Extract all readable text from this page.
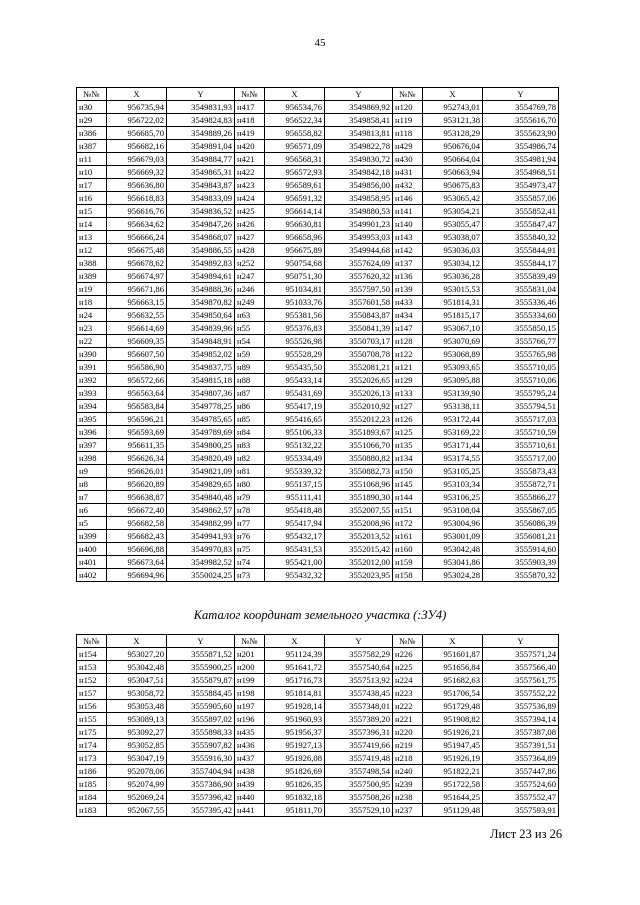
45
№№	X	Y	№№	X	Y	№№	X	Y
н30	956735,94	3549831,93	н417	956534,76	3549869,92	н120	952743,01	3554769,78
н29	956722,02	3549824,83	н418	956522,34	3549858,41	н119	953121,38	3555616,70
н386	956685,70	3549889,26	н419	956558,82	3549813,81	н118	953128,29	3555623,90
н387	956682,16	3549891,04	н420	956571,09	3549822,78	н429	950676,04	3554986,74
н11	956679,03	3549884,77	н421	956568,31	3549830,72	н430	950664,04	3554981,94
н10	956669,32	3549865,31	н422	956572,93	3549842,18	н431	950663,94	3554968,51
н17	956636,80	3549843,87	н423	956589,61	3549856,00	н432	950675,83	3554973,47
н16	956618,83	3549833,09	н424	956591,32	3549858,95	н146	953065,42	3555857,06
н15	956616,76	3549836,52	н425	956614,14	3549880,53	н141	953054,21	3555852,41
н14	956634,62	3549847,26	н426	956630,81	3549901,23	н140	953055,47	3555847,47
н13	956666,24	3549868,07	н427	956658,96	3549953,03	н143	953038,07	3555840,32
н12	956675,48	3549886,55	н428	956675,89	3549944,68	н142	953036,03	3555844,91
н388	956678,62	3549892,83	н252	950754,68	3557624,09	н137	953034,12	3555844,17
н389	956674,97	3549894,61	н247	950751,30	3557620,32	н136	953036,28	3555839,49
н19	956671,86	3549888,36	н246	951034,81	3557597,50	н139	953015,53	3555831,04
н18	956663,15	3549870,82	н249	951033,76	3557601,58	н433	951814,31	3555336,46
н24	956632,55	3549850,64	н63	955381,56	3550843,87	н434	951815,17	3555334,60
н23	956614,69	3549839,96	н55	955376,83	3550841,39	н147	953067,10	3555850,15
н22	956609,35	3549848,91	н54	955526,98	3550703,17	н128	953070,69	3555766,77
н390	956607,50	3549852,02	н59	955528,29	3550708,78	н122	953068,89	3555765,98
н391	956586,90	3549837,75	н89	955435,50	3552081,21	н121	953093,65	3555710,05
н392	956572,66	3549815,18	н88	955433,14	3552026,65	н129	953095,88	3555710,06
н393	956563,64	3549807,36	н87	955431,69	3552026,13	н133	953139,90	3555795,24
н394	956583,84	3549778,25	н86	955417,19	3552010,92	н127	953138,11	3555794,51
н395	956596,21	3549785,65	н85	955416,65	3552012,23	н126	953172,44	3555717,03
н396	956593,69	3549789,69	н84	955106,33	3551893,67	н125	953169,22	3555710,59
н397	956611,35	3549800,25	н83	955132,22	3551066,70	н135	953171,44	3555710,61
н398	956626,34	3549820,49	н82	955334,49	3550880,82	н134	953174,55	3555717,00
н9	956626,01	3549821,09	н81	955339,32	3550882,73	н150	953105,25	3555873,43
н8	956620,89	3549829,65	н80	955137,15	3551068,96	н145	953103,34	3555872,71
н7	956638,87	3549840,48	н79	955111,41	3551890,30	н144	953106,25	3555866,27
н6	956672,40	3549862,57	н78	955418,48	3552007,55	н151	953108,04	3555867,05
н5	956682,58	3549882,99	н77	955417,94	3552008,96	н172	953004,96	3556086,39
н399	956682,43	3549941,93	н76	955432,17	3552013,52	н161	953001,09	3556081,21
н400	956696,88	3549970,83	н75	955431,53	3552015,42	н160	953042,48	3555914,60
н401	956673,64	3549982,52	н74	955421,00	3552012,00	н159	953041,86	3555903,39
н402	956694,96	3550024,25	н73	955432,32	3552023,95	н158	953024,28	3555870,32
Каталог координат земельного участка (:ЗУ4)
№№	X	Y	№№	X	Y	№№	X	Y
н154	953027,20	3555871,52	н201	951124,39	3557582,29	н226	951601,87	3557571,24
н153	953042,48	3555900,25	н200	951641,72	3557540,64	н225	951656,84	3557566,40
н152	953047,51	3555879,87	н199	951716,73	3557513,92	н224	951682,63	3557561,75
н157	953058,72	3555884,45	н198	951814,81	3557438,45	н223	951706,54	3557552,22
н156	953053,48	3555905,60	н197	951928,14	3557348,01	н222	951729,48	3557536,89
н155	953089,13	3555897,02	н196	951960,93	3557389,20	н221	951908,82	3557394,14
н175	953092,27	3555898,33	н435	951956,37	3557396,31	н220	951926,21	3557387,08
н174	953052,85	3555907,82	н436	951927,13	3557419,66	н219	951947,45	3557391,51
н173	953047,19	3555916,30	н437	951926,08	3557419,48	н218	951926,19	3557364,89
н186	952078,06	3557404,94	н438	951826,69	3557498,54	н240	951822,21	3557447,86
н185	952074,99	3557386,90	н439	951826,35	3557500,95	н239	951722,58	3557524,60
н184	952069,24	3557396,42	н440	951832,18	3557508,26	н238	951644,25	3557552,47
н183	952067,55	3557395,42	н441	951811,70	3557529,10	н237	951129,48	3557593,91
Лист 23 из 26
